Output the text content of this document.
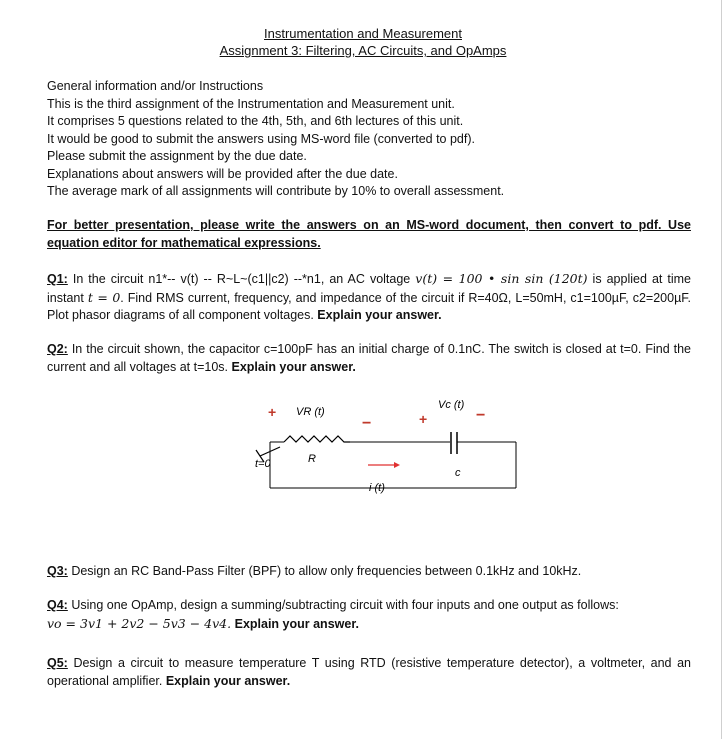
Instrumentation and Measurement
Assignment 3: Filtering, AC Circuits, and OpAmps
General information and/or Instructions
This is the third assignment of the Instrumentation and Measurement unit.
It comprises 5 questions related to the 4th, 5th, and 6th lectures of this unit.
It would be good to submit the answers using MS-word file (converted to pdf).
Please submit the assignment by the due date.
Explanations about answers will be provided after the due date.
The average mark of all assignments will contribute by 10% to overall assessment.
For better presentation, please write the answers on an MS-word document, then convert to pdf. Use equation editor for mathematical expressions.
Q1: In the circuit n1*-- v(t) -- R~L~(c1||c2) --*n1, an AC voltage v(t) = 100 • sin sin (120t) is applied at time instant t = 0. Find RMS current, frequency, and impedance of the circuit if R=40Ω, L=50mH, c1=100µF, c2=200µF. Plot phasor diagrams of all component voltages. Explain your answer.
Q2: In the circuit shown, the capacitor c=100pF has an initial charge of 0.1nC. The switch is closed at t=0. Find the current and all voltages at t=10s. Explain your answer.
+ VR (t)
−	+
Vc (t)
−
t=0	R
c
i (t)
Q3: Design an RC Band-Pass Filter (BPF) to allow only frequencies between 0.1kHz and 10kHz.
Q4: Using one OpAmp, design a summing/subtracting circuit with four inputs and one output as follows:
vo = 3v1 + 2v2 − 5v3 − 4v4. Explain your answer.
Q5: Design a circuit to measure temperature T using RTD (resistive temperature detector), a voltmeter, and an operational amplifier. Explain your answer.
